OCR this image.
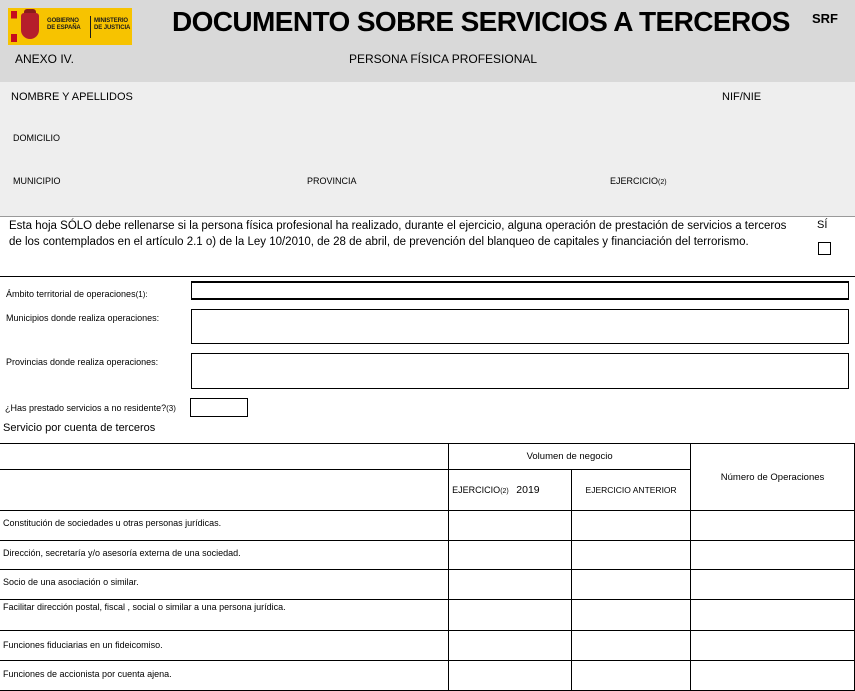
GOBIERNO DE ESPAÑA
MINISTERIO DE JUSTICIA DOCUMENTO SOBRE SERVICIOS A TERCEROS SRF
ANEXO IV.	PERSONA FÍSICA PROFESIONAL
NOMBRE Y APELLIDOS	NIF/NIE
DOMICILIO
MUNICIPIO	PROVINCIA	EJERCICIO(2)
Esta hoja SÓLO debe rellenarse si la persona física profesional ha realizado, durante el ejercicio, alguna operación de prestación de servicios a terceros de los contemplados en el artículo 2.1 o) de la Ley 10/2010, de 28 de abril, de prevención del blanqueo de capitales y financiación del terrorismo.
SÍ
Ámbito territorial de operaciones(1):
Municipios donde realiza operaciones:
Provincias donde realiza operaciones:
¿Has prestado servicios a no residente?(3)
Servicio por cuenta de terceros
	Volumen de negocio		Número de Operaciones
	EJERCICIO(2) 2019	EJERCICIO ANTERIOR	
Constitución de sociedades u otras personas jurídicas.			
Dirección, secretaría y/o asesoría externa de una sociedad.			
Socio de una asociación o similar.			
Facilitar dirección postal, fiscal , social o similar a una persona jurídica.			
Funciones fiduciarias en un fideicomiso.			
Funciones de accionista por cuenta ajena.			
